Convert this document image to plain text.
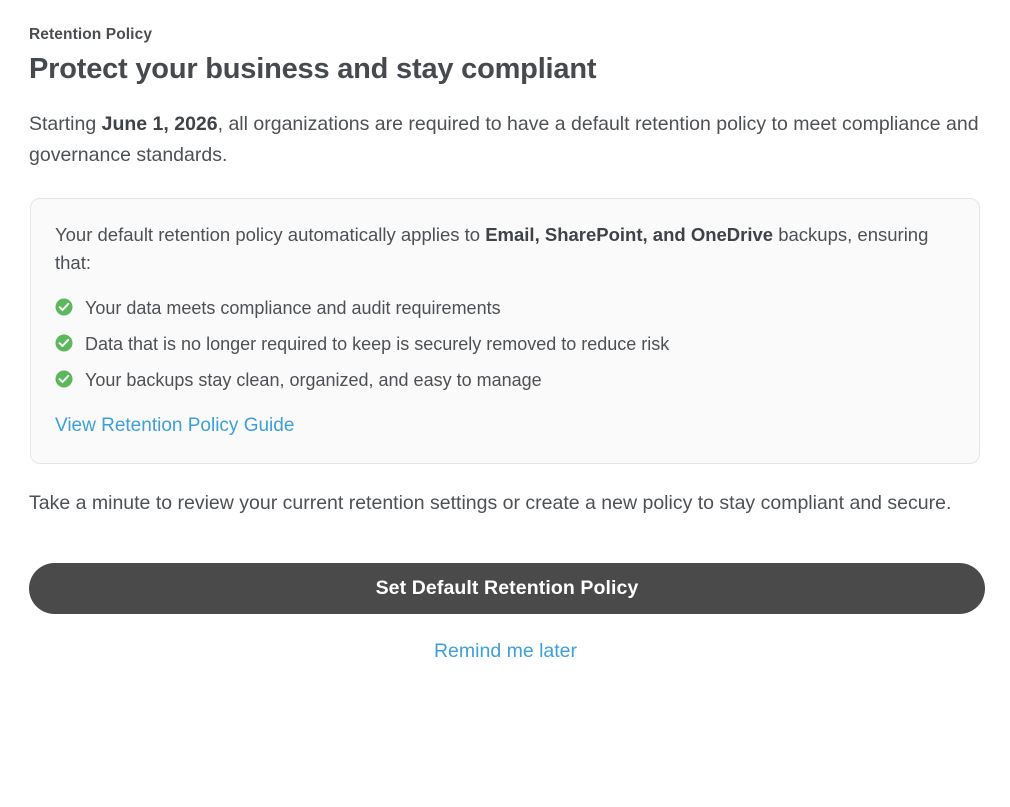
Retention Policy
Protect your business and stay compliant

Starting June 1, 2026, all organizations are required to have a default retention policy to meet compliance and governance standards.

Your default retention policy automatically applies to Email, SharePoint, and OneDrive backups, ensuring that:

Your data meets compliance and audit requirements
Data that is no longer required to keep is securely removed to reduce risk
Your backups stay clean, organized, and easy to manage
View Retention Policy Guide

Take a minute to review your current retention settings or create a new policy to stay compliant and secure.

Set Default Retention Policy
Remind me later
